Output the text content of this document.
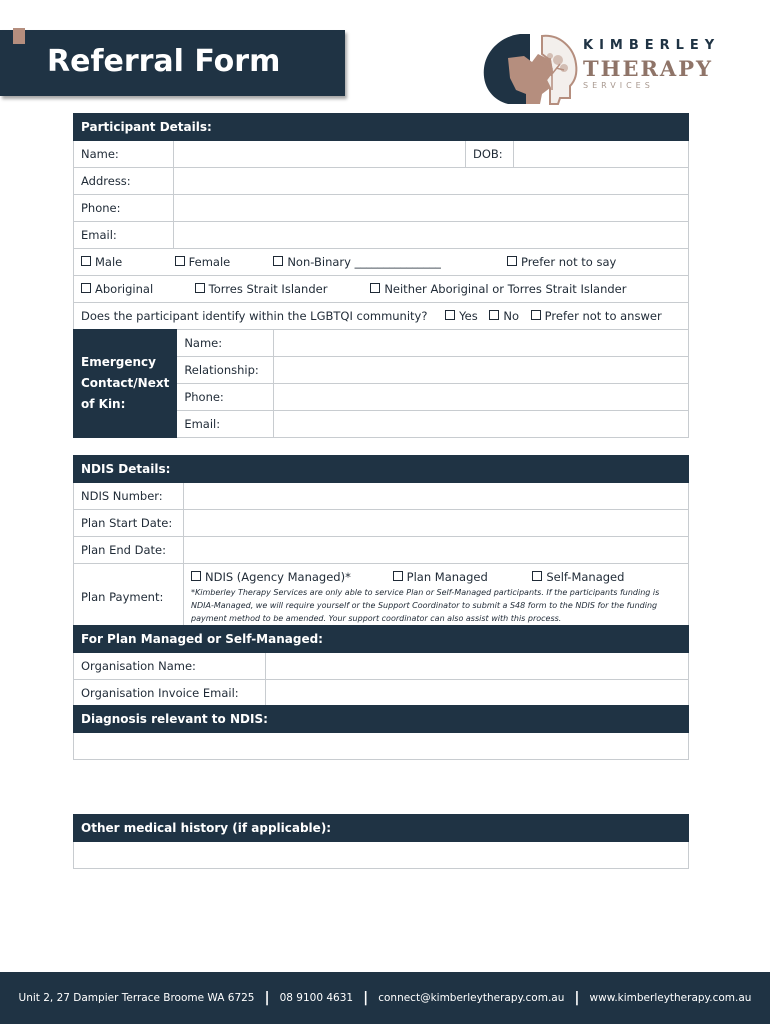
Referral Form	KIMBERLEY
THERAPY
SERVICES
Participant Details:			
Name:		DOB:	
Address:			
Phone:			
Email:			
Male Female Non-Binary _______________ Prefer not to say			
Aboriginal Torres Strait Islander Neither Aboriginal or Torres Strait Islander			
Does the participant identify within the LGBTQI community? Yes No Prefer not to answer			
Emergency Contact/Next of Kin:	Name:	
	Relationship:	
	Phone:	
	Email:	
NDIS Details:	
NDIS Number:	
Plan Start Date:	
Plan End Date:	
Plan Payment:	NDIS (Agency Managed)* Plan Managed Self-Managed
*Kimberley Therapy Services are only able to service Plan or Self-Managed participants. If the participants funding is NDIA-Managed, we will require yourself or the Support Coordinator to submit a S48 form to the NDIS for the funding payment method to be amended. Your support coordinator can also assist with this process.
For Plan Managed or Self-Managed:	
Organisation Name:	
Organisation Invoice Email:	
Diagnosis relevant to NDIS:

Other medical history (if applicable):

Unit 2, 27 Dampier Terrace Broome WA 6725 | 08 9100 4631 | connect@kimberleytherapy.com.au | www.kimberleytherapy.com.au
